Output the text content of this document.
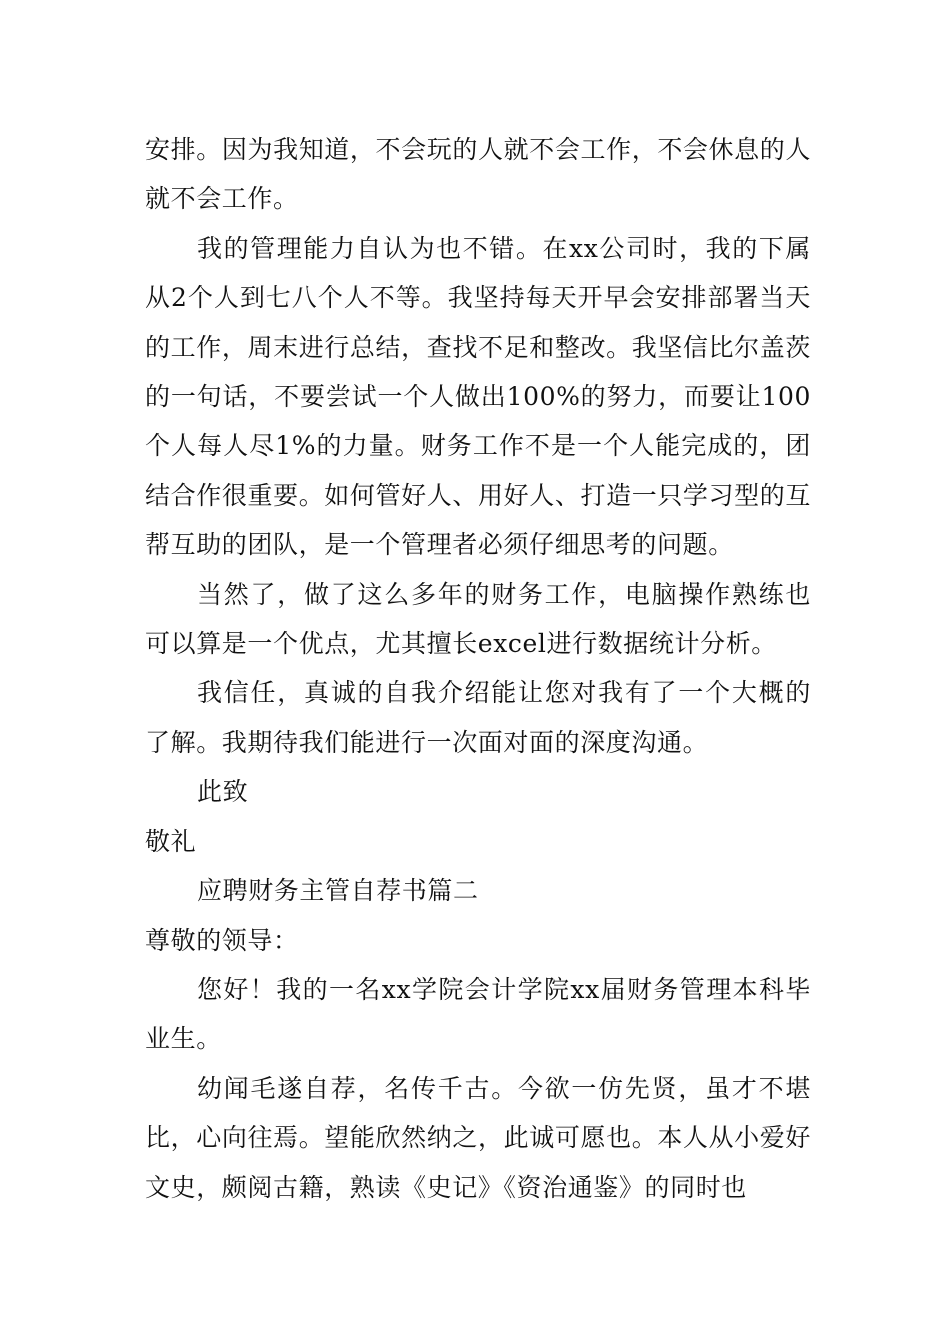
安排。因为我知道，不会玩的人就不会工作，不会休息的人就不会工作。

我的管理能力自认为也不错。在xx公司时，我的下属从2个人到七八个人不等。我坚持每天开早会安排部署当天的工作，周末进行总结，查找不足和整改。我坚信比尔盖茨的一句话，不要尝试一个人做出100%的努力，而要让100个人每人尽1%的力量。财务工作不是一个人能完成的，团结合作很重要。如何管好人、用好人、打造一只学习型的互帮互助的团队，是一个管理者必须仔细思考的问题。

当然了，做了这么多年的财务工作，电脑操作熟练也可以算是一个优点，尤其擅长excel进行数据统计分析。

我信任，真诚的自我介绍能让您对我有了一个大概的了解。我期待我们能进行一次面对面的深度沟通。

此致

敬礼

应聘财务主管自荐书篇二

尊敬的领导：

您好！我的一名xx学院会计学院xx届财务管理本科毕业生。

幼闻毛遂自荐，名传千古。今欲一仿先贤，虽才不堪比，心向往焉。望能欣然纳之，此诚可愿也。本人从小爱好文史，颇阅古籍，熟读《史记》《资治通鉴》的同时也
